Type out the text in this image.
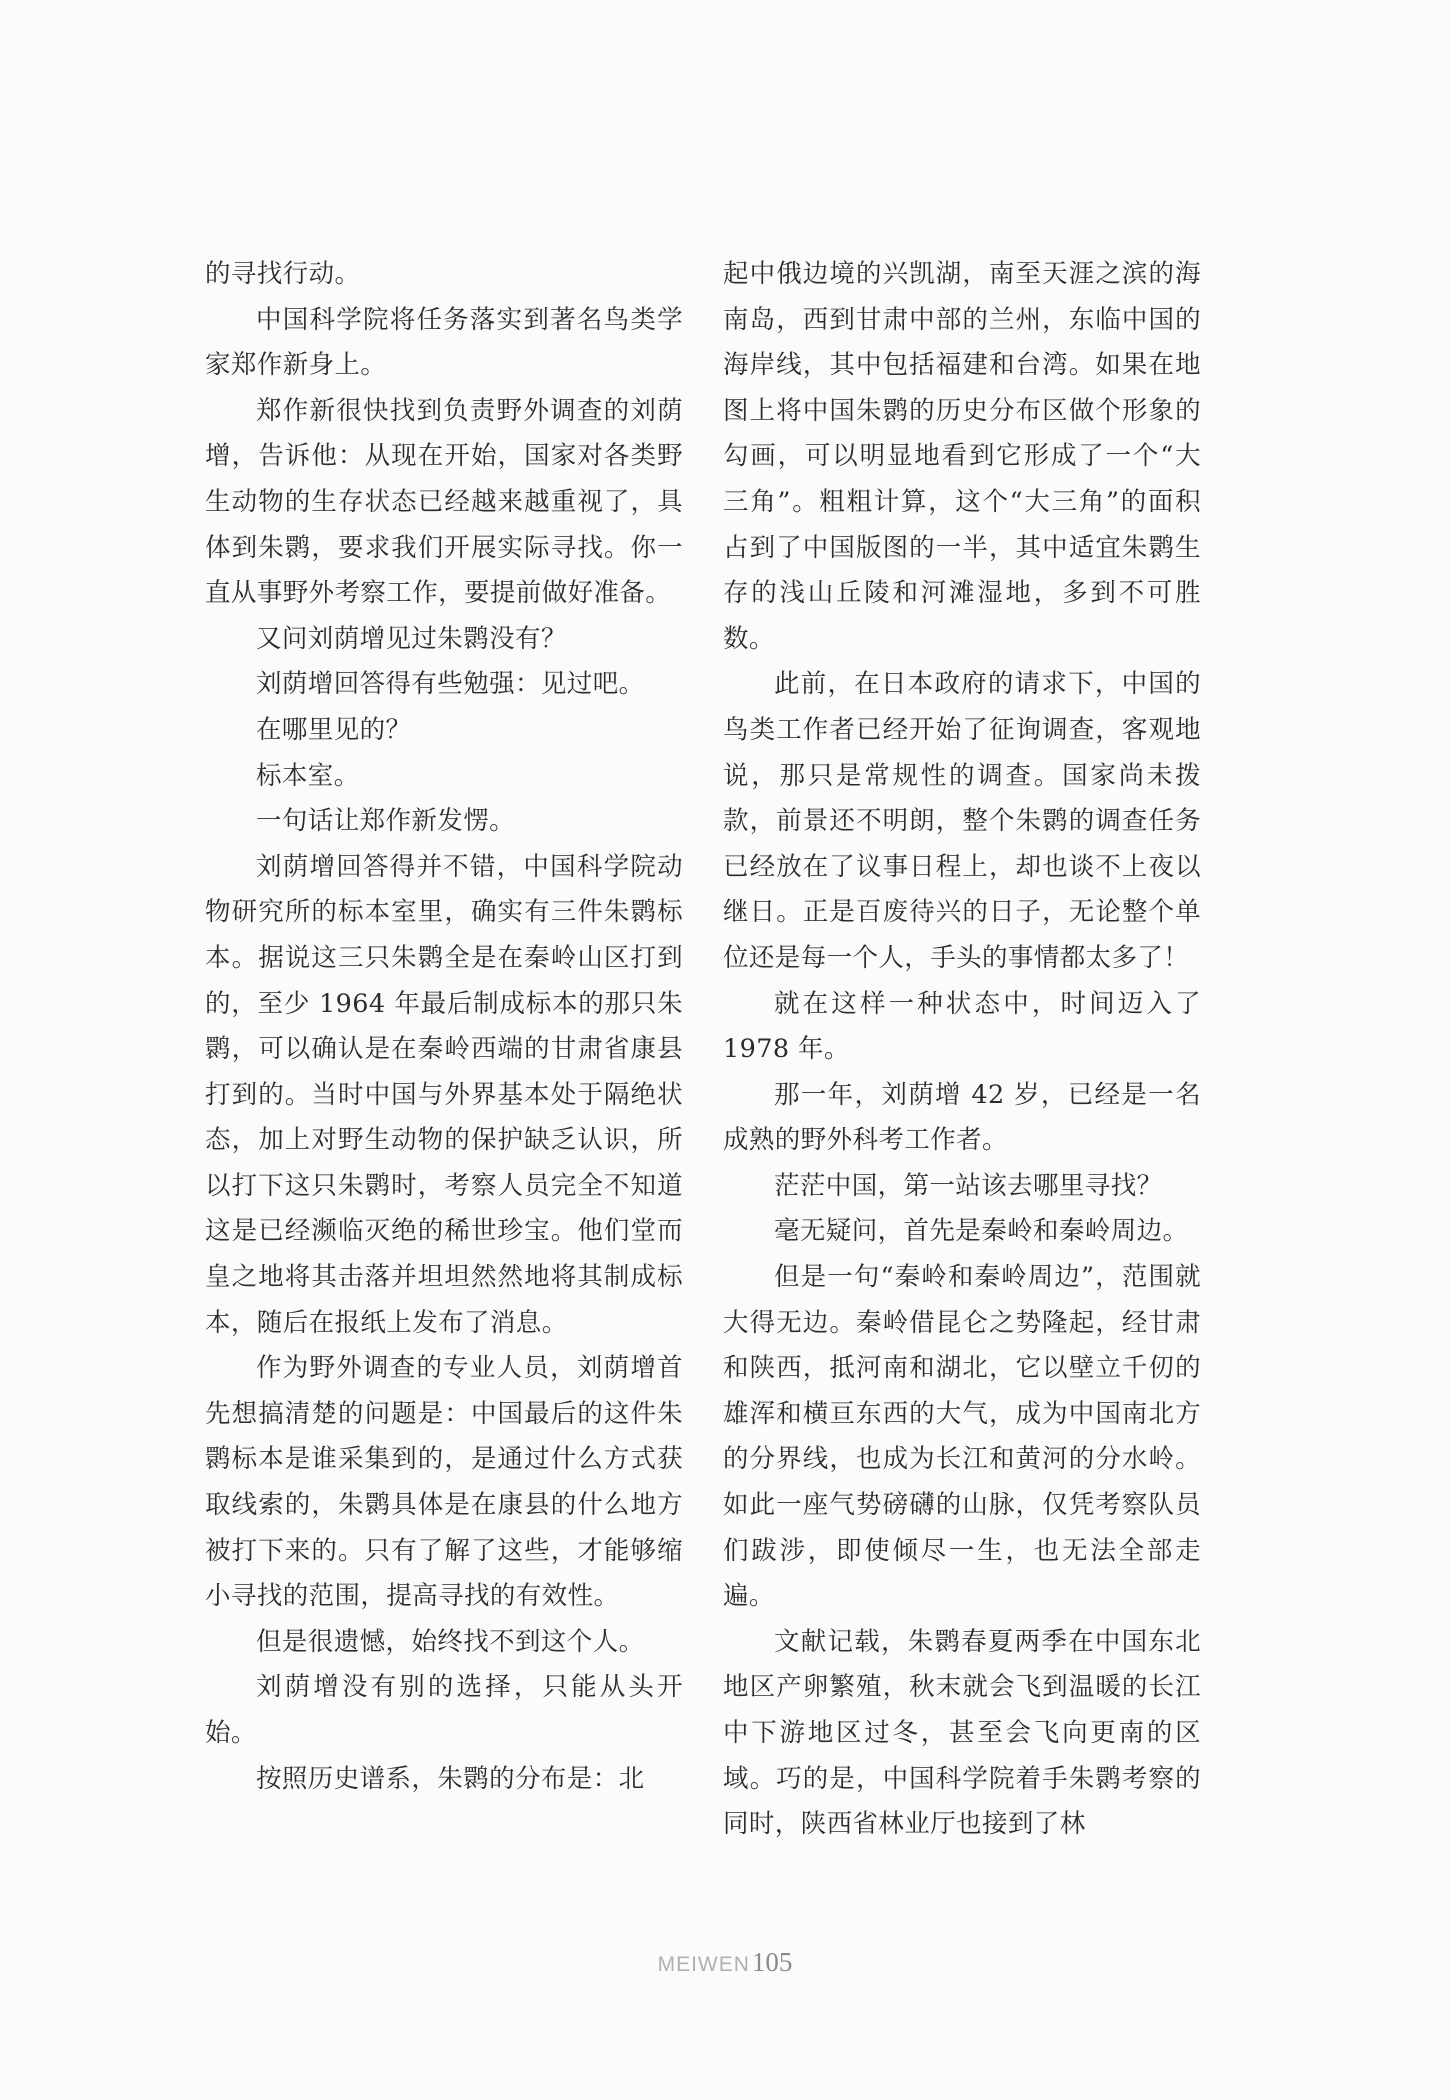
的寻找行动。

中国科学院将任务落实到著名鸟类学家郑作新身上。

郑作新很快找到负责野外调查的刘荫增，告诉他：从现在开始，国家对各类野生动物的生存状态已经越来越重视了，具体到朱鹮，要求我们开展实际寻找。你一直从事野外考察工作，要提前做好准备。

又问刘荫增见过朱鹮没有？

刘荫增回答得有些勉强：见过吧。

在哪里见的？

标本室。

一句话让郑作新发愣。

刘荫增回答得并不错，中国科学院动物研究所的标本室里，确实有三件朱鹮标本。据说这三只朱鹮全是在秦岭山区打到的，至少 1964 年最后制成标本的那只朱鹮，可以确认是在秦岭西端的甘肃省康县打到的。当时中国与外界基本处于隔绝状态，加上对野生动物的保护缺乏认识，所以打下这只朱鹮时，考察人员完全不知道这是已经濒临灭绝的稀世珍宝。他们堂而皇之地将其击落并坦坦然然地将其制成标本，随后在报纸上发布了消息。

作为野外调查的专业人员，刘荫增首先想搞清楚的问题是：中国最后的这件朱鹮标本是谁采集到的，是通过什么方式获取线索的，朱鹮具体是在康县的什么地方被打下来的。只有了解了这些，才能够缩小寻找的范围，提高寻找的有效性。

但是很遗憾，始终找不到这个人。

刘荫增没有别的选择，只能从头开始。

按照历史谱系，朱鹮的分布是：北

起中俄边境的兴凯湖，南至天涯之滨的海南岛，西到甘肃中部的兰州，东临中国的海岸线，其中包括福建和台湾。如果在地图上将中国朱鹮的历史分布区做个形象的勾画，可以明显地看到它形成了一个“大三角”。粗粗计算，这个“大三角”的面积占到了中国版图的一半，其中适宜朱鹮生存的浅山丘陵和河滩湿地，多到不可胜数。

此前，在日本政府的请求下，中国的鸟类工作者已经开始了征询调查，客观地说，那只是常规性的调查。国家尚未拨款，前景还不明朗，整个朱鹮的调查任务已经放在了议事日程上，却也谈不上夜以继日。正是百废待兴的日子，无论整个单位还是每一个人，手头的事情都太多了！

就在这样一种状态中，时间迈入了 1978 年。

那一年，刘荫增 42 岁，已经是一名成熟的野外科考工作者。

茫茫中国，第一站该去哪里寻找？

毫无疑问，首先是秦岭和秦岭周边。

但是一句“秦岭和秦岭周边”，范围就大得无边。秦岭借昆仑之势隆起，经甘肃和陕西，抵河南和湖北，它以壁立千仞的雄浑和横亘东西的大气，成为中国南北方的分界线，也成为长江和黄河的分水岭。如此一座气势磅礴的山脉，仅凭考察队员们跋涉，即使倾尽一生，也无法全部走遍。

文献记载，朱鹮春夏两季在中国东北地区产卵繁殖，秋末就会飞到温暖的长江中下游地区过冬，甚至会飞向更南的区域。巧的是，中国科学院着手朱鹮考察的同时，陕西省林业厅也接到了林

MEIWEN105
